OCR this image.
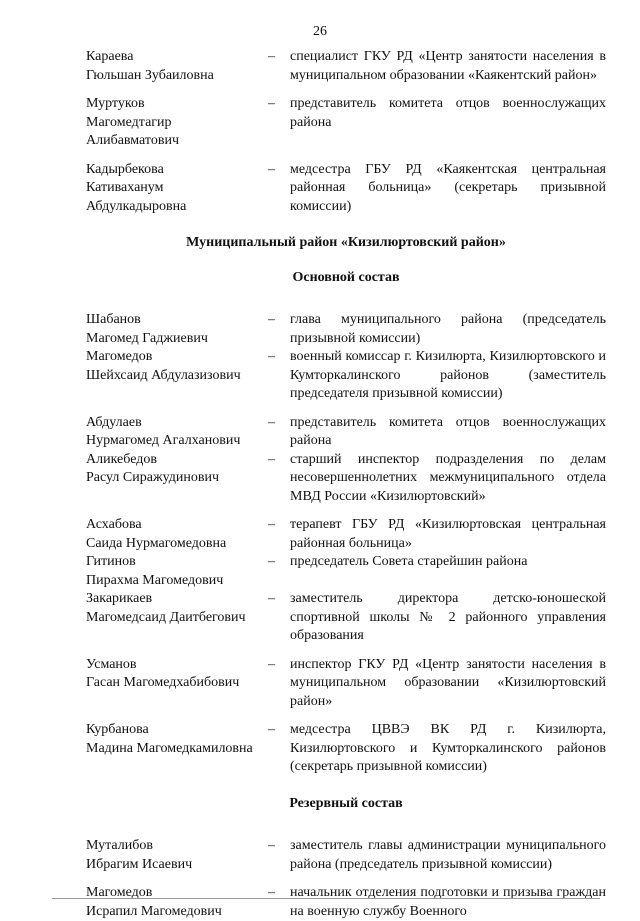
26
Караева
Гюльшан Зубаиловна
–	специалист ГКУ РД «Центр занятости населения в муниципальном образовании «Каякентский район»
Муртуков
Магомедтагир
Алибавматович
–	представитель комитета отцов военнослужащих района
Кадырбекова
Кативаханум
Абдулкадыровна
–	медсестра ГБУ РД «Каякентская центральная районная больница» (секретарь призывной комиссии)
Муниципальный район «Кизилюртовский район»
Основной состав
Шабанов
Магомед Гаджиевич
–	глава муниципального района (председатель призывной комиссии)
Магомедов
Шейхсаид Абдулазизович
–	военный комиссар г. Кизилюрта, Кизилюртовского и Кумторкалинского районов (заместитель председателя призывной комиссии)
Абдулаев
Нурмагомед Агалханович
–	представитель комитета отцов военнослужащих района
Аликебедов
Расул Сиражудинович
–	старший инспектор подразделения по делам несовершеннолетних межмуниципального отдела МВД России «Кизилюртовский»
Асхабова
Саида Нурмагомедовна
–	терапевт ГБУ РД «Кизилюртовская центральная районная больница»
Гитинов
Пирахма Магомедович
–	председатель Совета старейшин района
Закарикаев
Магомедсаид Даитбегович
–	заместитель директора детско-юношеской спортивной школы № 2 районного управления образования
Усманов
Гасан Магомедхабибович
–	инспектор ГКУ РД «Центр занятости населения в муниципальном образовании «Кизилюртовский район»
Курбанова
Мадина Магомедкамиловна
–	медсестра ЦВВЭ ВК РД г. Кизилюрта, Кизилюртовского и Кумторкалинского районов (секретарь призывной комиссии)
Резервный состав
Муталибов
Ибрагим Исаевич
–	заместитель главы администрации муниципального района (председатель призывной комиссии)
Магомедов
Исрапил Магомедович
–	начальник отделения подготовки и призыва граждан на военную службу Военного
